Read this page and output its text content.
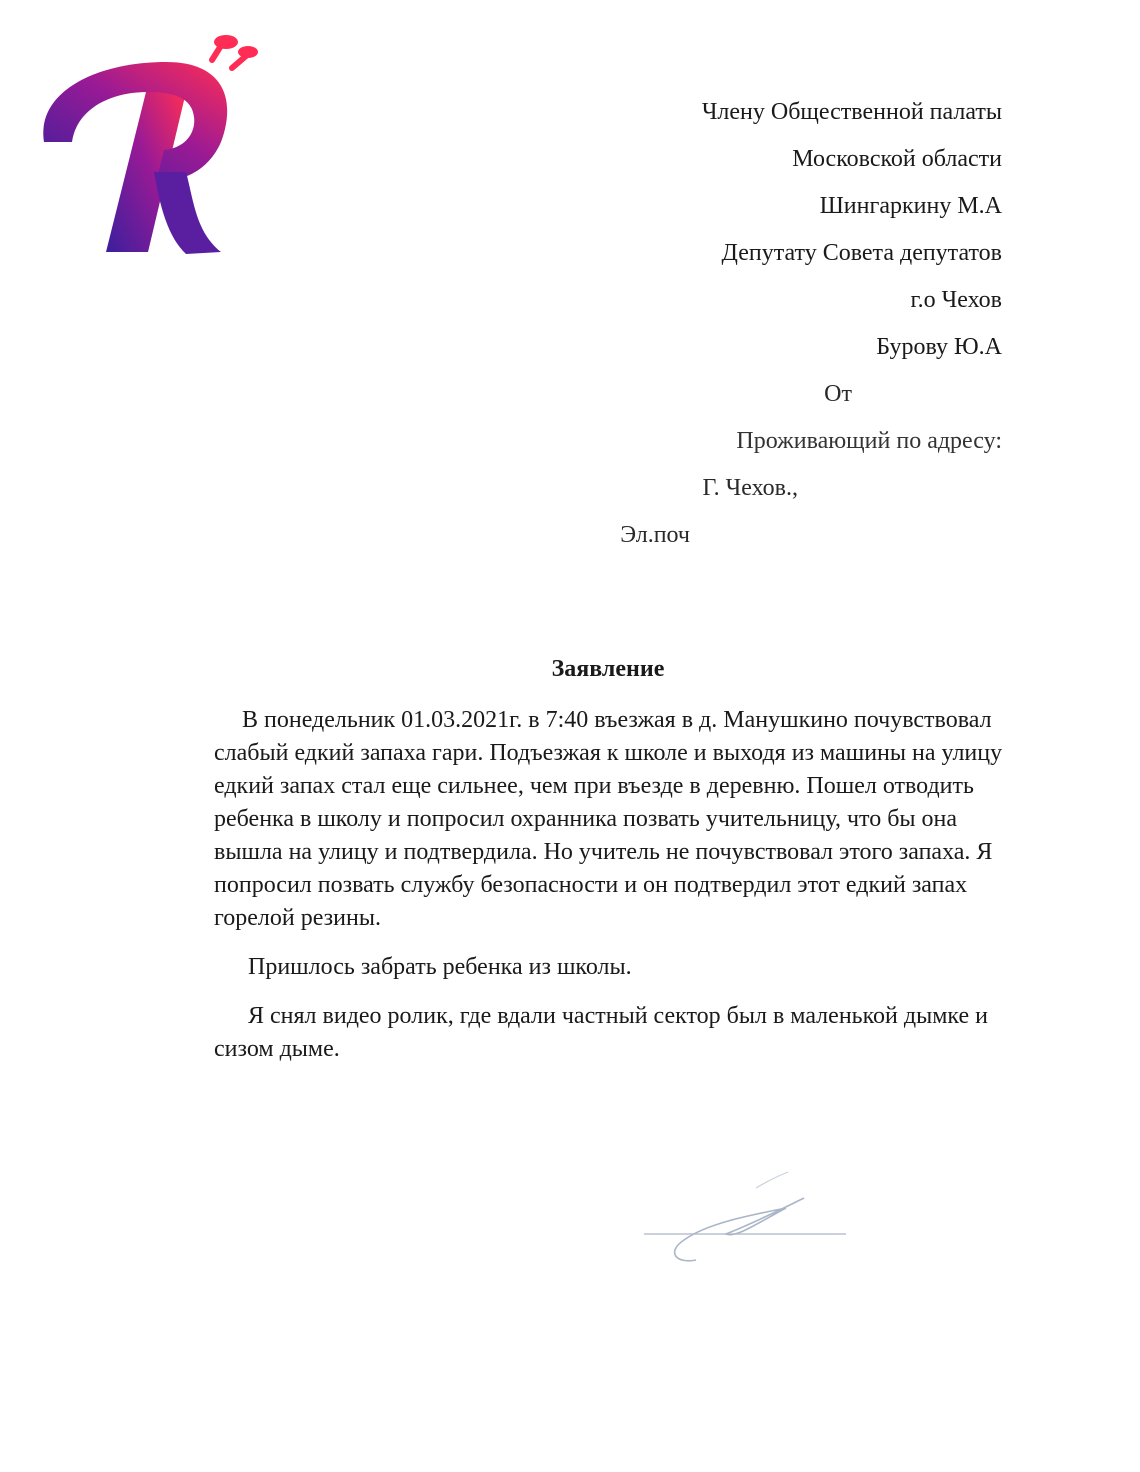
Члену Общественной палаты
Московской области
Шингаркину М.А
Депутату Совета депутатов
г.о Чехов
Бурову Ю.А
От
Проживающий по адресу:
Г. Чехов.,
Эл.поч
Заявление

В понедельник 01.03.2021г. в 7:40 въезжая в д. Манушкино почувствовал слабый едкий запаха гари. Подъезжая к школе и выходя из машины на улицу едкий запах стал еще сильнее, чем при въезде в деревню. Пошел отводить ребенка в школу и попросил охранника позвать учительницу, что бы она вышла на улицу и подтвердила. Но учитель не почувствовал этого запаха. Я попросил позвать службу безопасности и он подтвердил этот едкий запах горелой резины.

Пришлось забрать ребенка из школы.

Я снял видео ролик, где вдали частный сектор был в маленькой дымке и сизом дыме.
